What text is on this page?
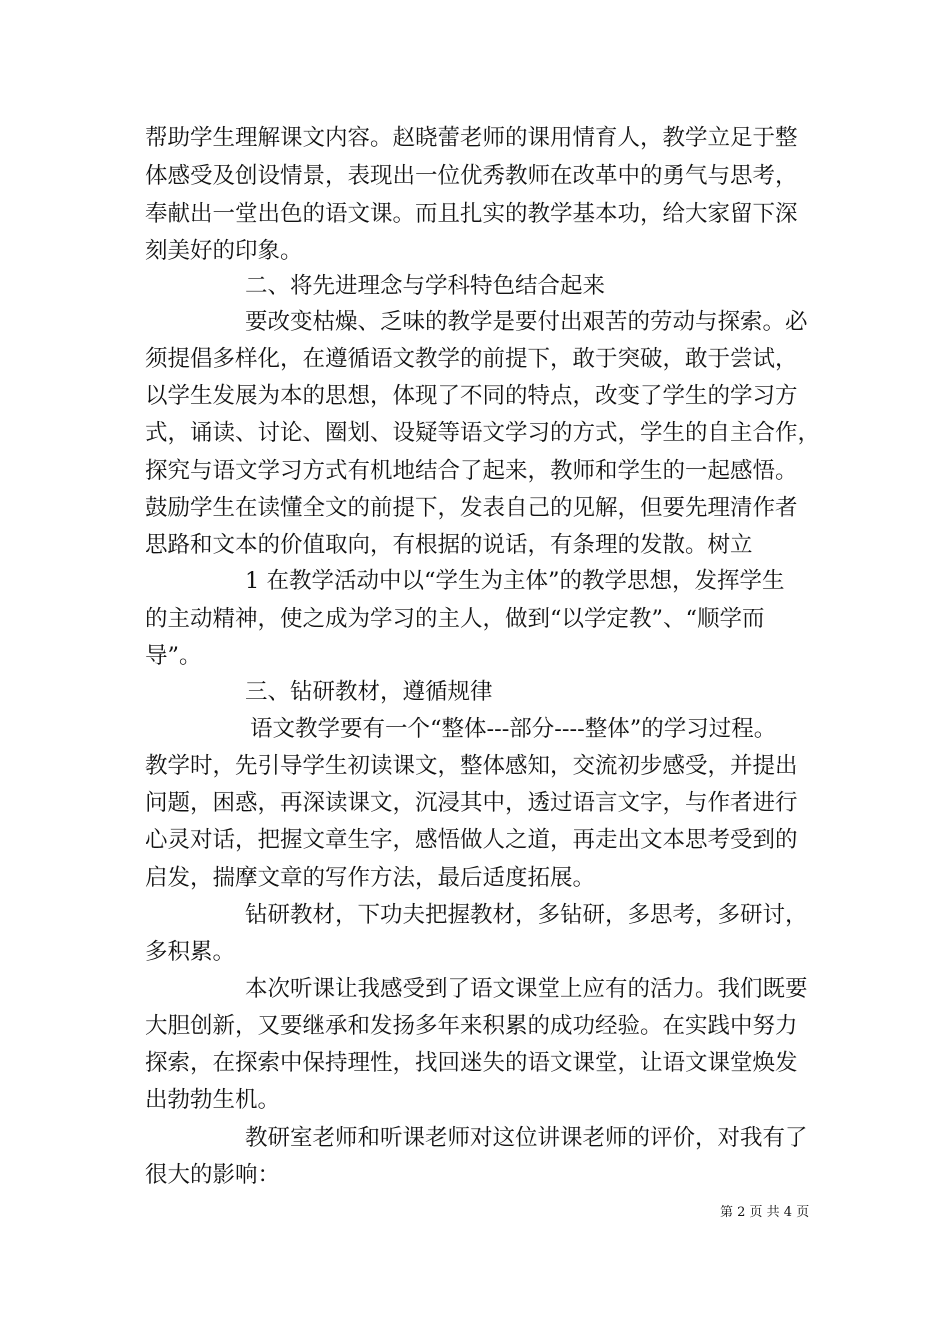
帮助学生理解课文内容。赵晓蕾老师的课用情育人，教学立足于整
体感受及创设情景，表现出一位优秀教师在改革中的勇气与思考，
奉献出一堂出色的语文课。而且扎实的教学基本功，给大家留下深
刻美好的印象。
二、将先进理念与学科特色结合起来
要改变枯燥、乏味的教学是要付出艰苦的劳动与探索。必
须提倡多样化，在遵循语文教学的前提下，敢于突破，敢于尝试，
以学生发展为本的思想，体现了不同的特点，改变了学生的学习方
式，诵读、讨论、圈划、设疑等语文学习的方式，学生的自主合作，
探究与语文学习方式有机地结合了起来，教师和学生的一起感悟。
鼓励学生在读懂全文的前提下，发表自己的见解，但要先理清作者
思路和文本的价值取向，有根据的说话，有条理的发散。树立
1 在教学活动中以“学生为主体”的教学思想，发挥学生
的主动精神，使之成为学习的主人，做到“以学定教”、“顺学而
导”。
三、钻研教材，遵循规律
语文教学要有一个“整体---部分----整体”的学习过程。
教学时，先引导学生初读课文，整体感知，交流初步感受，并提出
问题，困惑，再深读课文，沉浸其中，透过语言文字，与作者进行
心灵对话，把握文章生字，感悟做人之道，再走出文本思考受到的
启发，揣摩文章的写作方法，最后适度拓展。
钻研教材，下功夫把握教材，多钻研，多思考，多研讨，
多积累。
本次听课让我感受到了语文课堂上应有的活力。我们既要
大胆创新，又要继承和发扬多年来积累的成功经验。在实践中努力
探索，在探索中保持理性，找回迷失的语文课堂，让语文课堂焕发
出勃勃生机。
教研室老师和听课老师对这位讲课老师的评价，对我有了
很大的影响：
第 2 页 共 4 页
